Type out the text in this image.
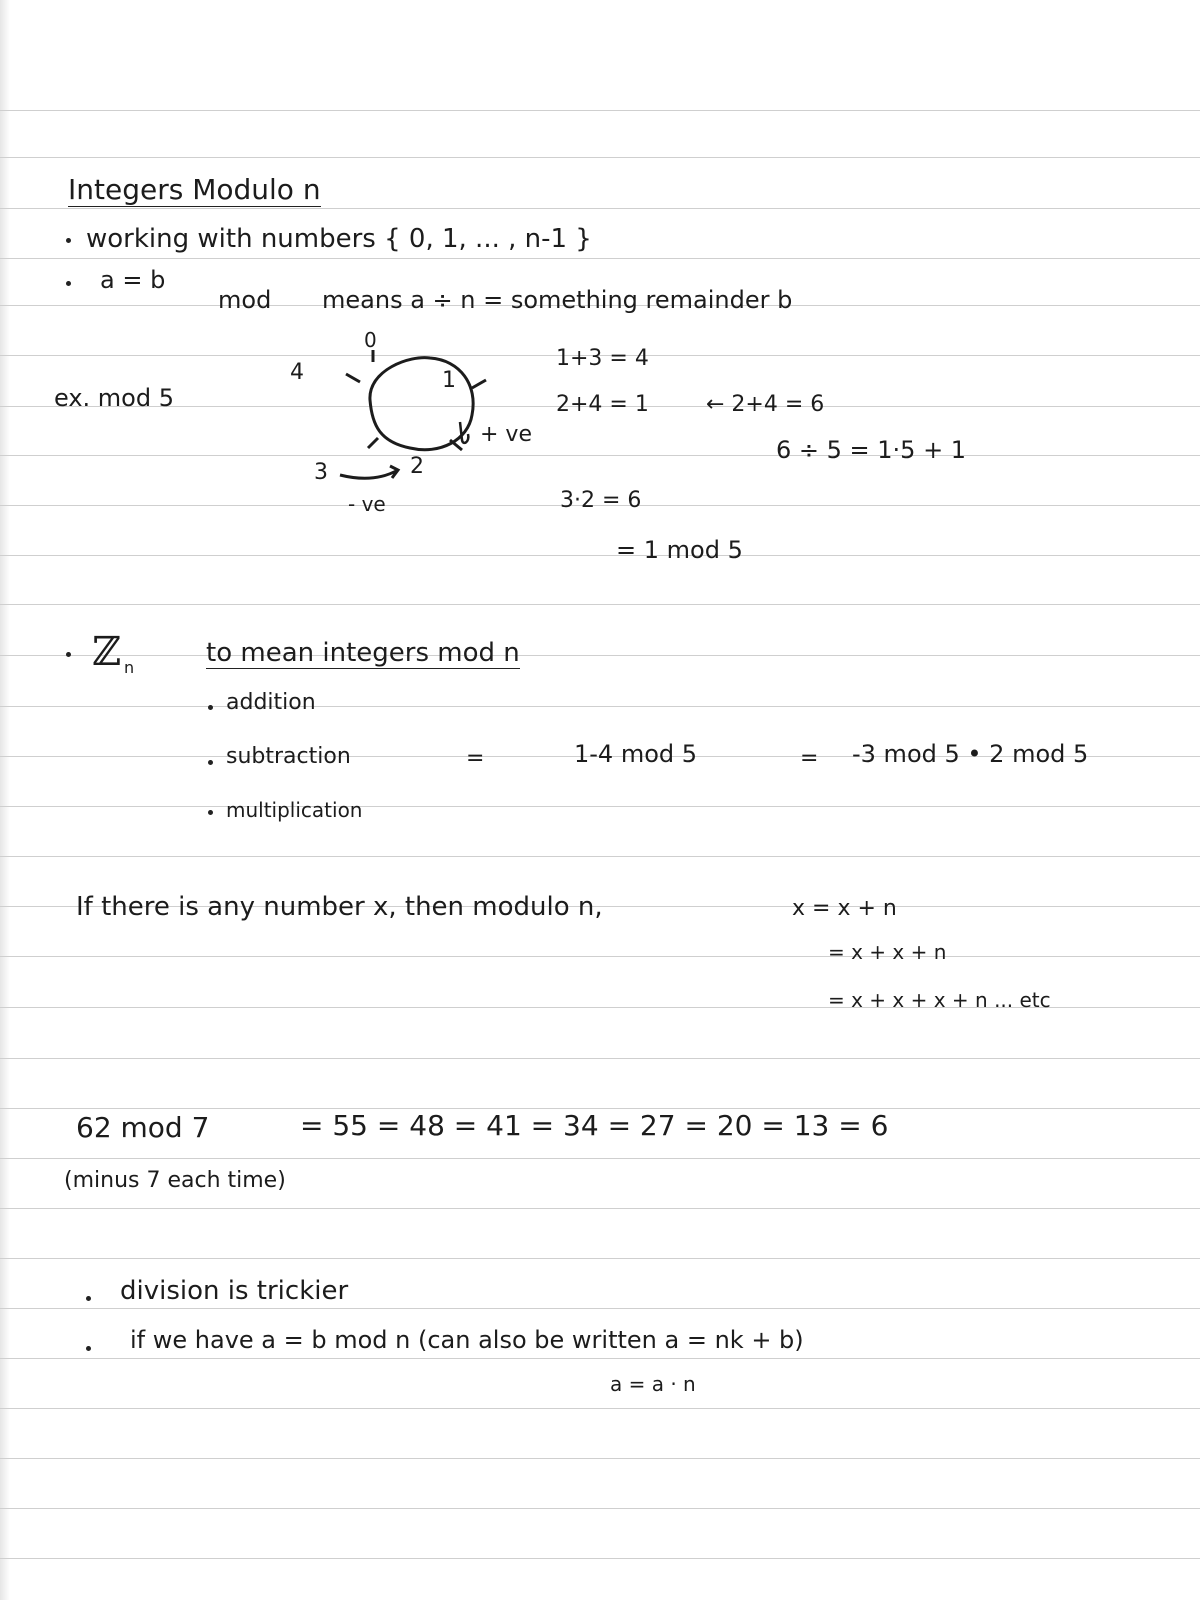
Integers Modulo n
working with numbers { 0, 1, ... , n-1 }
a = b
mod means a ÷ n = something remainder b
ex. mod 5
0
1
2
3
4
+ ve
- ve
1+3 = 4
2+4 = 1	← 2+4 = 6
6 ÷ 5 = 1·5 + 1
3·2 = 6
= 1 mod 5
ℤ n	to mean integers mod n
addition
subtraction
multiplication
=	1-4 mod 5	= -3 mod 5 • 2 mod 5
If there is any number x, then modulo n,	x = x + n
= x + x + n
= x + x + x + n ... etc
62 mod 7	= 55 = 48 = 41 = 34 = 27 = 20 = 13 = 6
(minus 7 each time)
division is trickier
if we have a = b mod n (can also be written a = nk + b)
a = a · n
